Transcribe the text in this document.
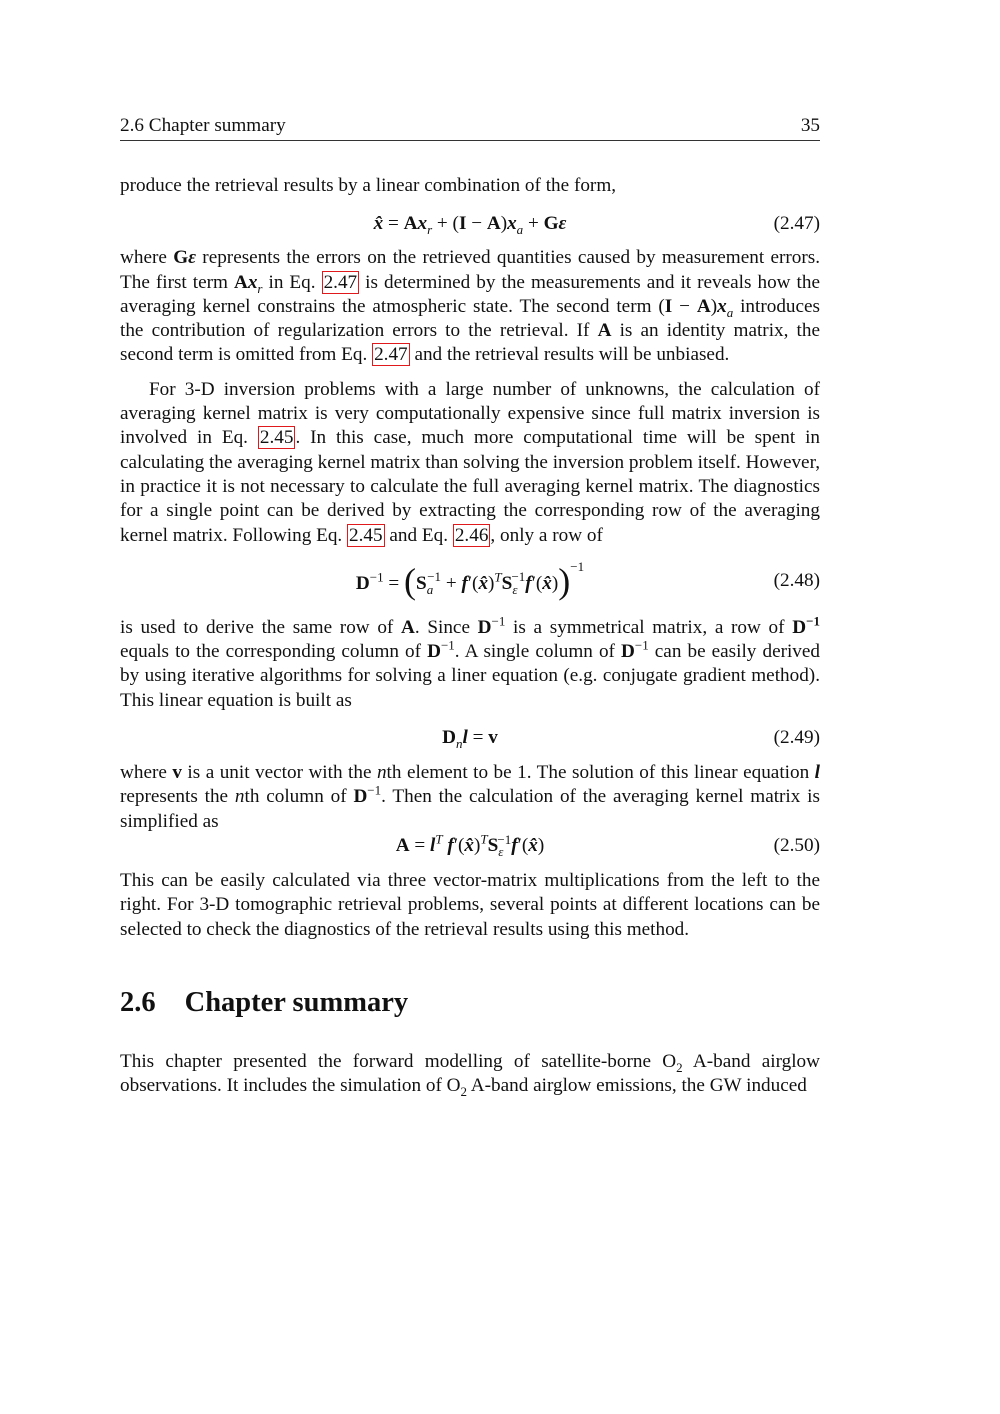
2.6 Chapter summary	35

produce the retrieval results by a linear combination of the form,

x̂ = $Ax_r + (I - A)x_a + G\varepsilon$	(2.47)

where Gε represents the errors on the retrieved quantities caused by measurement errors. The first term $Ax_r$ in Eq. 2.47 is determined by the measurements and it reveals how the averaging kernel constrains the atmospheric state. The second term $(I - A)x_a$ introduces the contribution of regularization errors to the retrieval. If A is an identity matrix, the second term is omitted from Eq. 2.47 and the retrieval results will be unbiased.

For 3-D inversion problems with a large number of unknowns, the calculation of averaging kernel matrix is very computationally expensive since full matrix inversion is involved in Eq. 2.45 . In this case, much more computational time will be spent in calculating the averaging kernel matrix than solving the inversion problem itself. However, in practice it is not necessary to calculate the full averaging kernel matrix. The diagnostics for a single point can be derived by extracting the corresponding row of the averaging kernel matrix. Following Eq. 2.45 and Eq. 2.46 , only a row of

$D^{-1} = (S_a^{-1}$ + $f'(x̂)^TS_\varepsilon^{-1}f'(x̂))^{-1}$
(2.48)

is used to derive the same row of A. Since $D^{-1}$ is a symmetrical matrix, a row of $D^{-1}$ equals to the corresponding column of $D^{-1}$. A single column of $D^{-1}$ can be easily derived by using iterative algorithms for solving a liner equation (e.g. conjugate gradient method). This linear equation is built as

$D_nl = v$	(2.49)

where v is a unit vector with the nth element to be 1. The solution of this linear equation l represents the nth column of $D^{-1}$. Then the calculation of the averaging kernel matrix is simplified as

$A = l^T$ $f'(x̂)^TS_\varepsilon^{-1}f'(x̂)$	(2.50)

This can be easily calculated via three vector-matrix multiplications from the left to the right. For 3-D tomographic retrieval problems, several points at different locations can be selected to check the diagnostics of the retrieval results using this method.

2.6 Chapter summary

This chapter presented the forward modelling of satellite-borne $O_2$ A-band airglow observations. It includes the simulation of $O_2$ A-band airglow emissions, the GW induced
